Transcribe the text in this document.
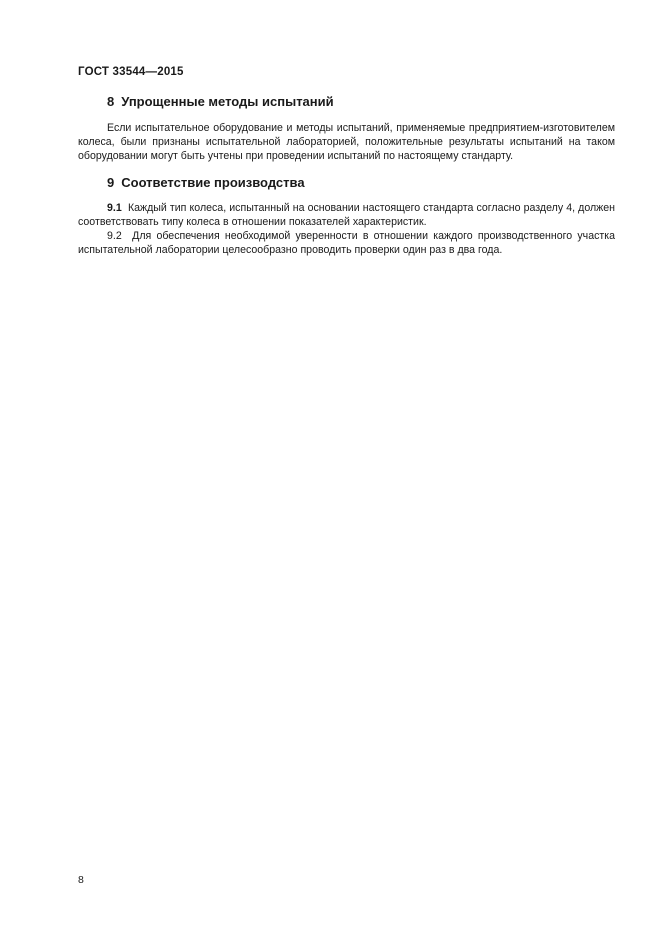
ГОСТ 33544—2015
8 Упрощенные методы испытаний
Если испытательное оборудование и методы испытаний, применяемые предприятием-изготовителем колеса, были признаны испытательной лабораторией, положительные результаты испытаний на таком оборудовании могут быть учтены при проведении испытаний по настоящему стандарту.
9 Соответствие производства
9.1 Каждый тип колеса, испытанный на основании настоящего стандарта согласно разделу 4, должен соответствовать типу колеса в отношении показателей характеристик.
9.2 Для обеспечения необходимой уверенности в отношении каждого производственного участка испытательной лаборатории целесообразно проводить проверки один раз в два года.
8
